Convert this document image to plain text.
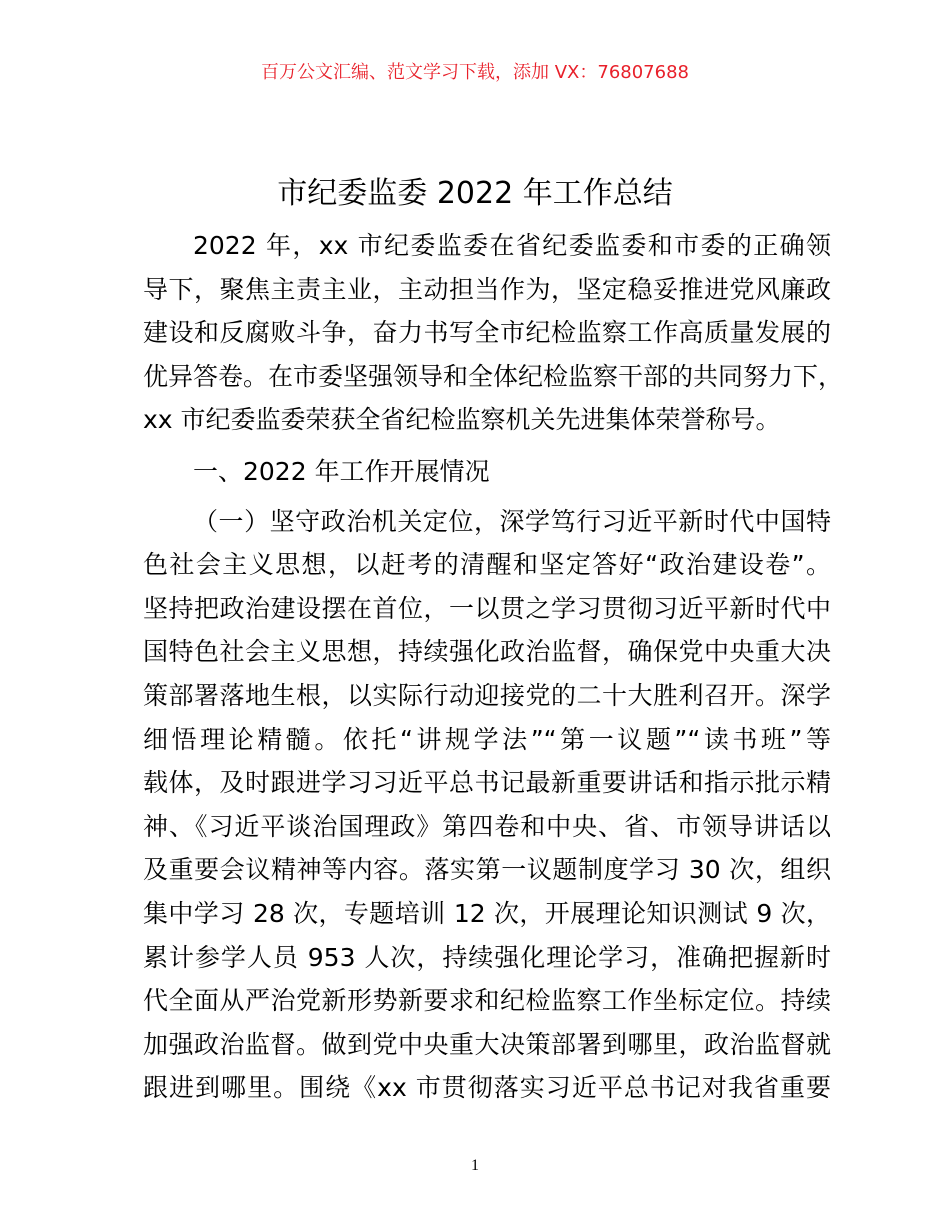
百万公文汇编、范文学习下载，添加 VX：76807688
市纪委监委 2022 年工作总结
2022 年，xx 市纪委监委在省纪委监委和市委的正确领
导下，聚焦主责主业，主动担当作为，坚定稳妥推进党风廉政
建设和反腐败斗争，奋力书写全市纪检监察工作高质量发展的
优异答卷。在市委坚强领导和全体纪检监察干部的共同努力下，
xx 市纪委监委荣获全省纪检监察机关先进集体荣誉称号。
一、2022 年工作开展情况
（一）坚守政治机关定位，深学笃行习近平新时代中国特
色社会主义思想，以赶考的清醒和坚定答好“政治建设卷”。
坚持把政治建设摆在首位，一以贯之学习贯彻习近平新时代中
国特色社会主义思想，持续强化政治监督，确保党中央重大决
策部署落地生根，以实际行动迎接党的二十大胜利召开。深学
细悟理论精髓。依托“讲规学法”“第一议题”“读书班”等
载体，及时跟进学习习近平总书记最新重要讲话和指示批示精
神、《习近平谈治国理政》第四卷和中央、省、市领导讲话以
及重要会议精神等内容。落实第一议题制度学习 30 次，组织
集中学习 28 次，专题培训 12 次，开展理论知识测试 9 次，
累计参学人员 953 人次，持续强化理论学习，准确把握新时
代全面从严治党新形势新要求和纪检监察工作坐标定位。持续
加强政治监督。做到党中央重大决策部署到哪里，政治监督就
跟进到哪里。围绕《xx 市贯彻落实习近平总书记对我省重要
1
